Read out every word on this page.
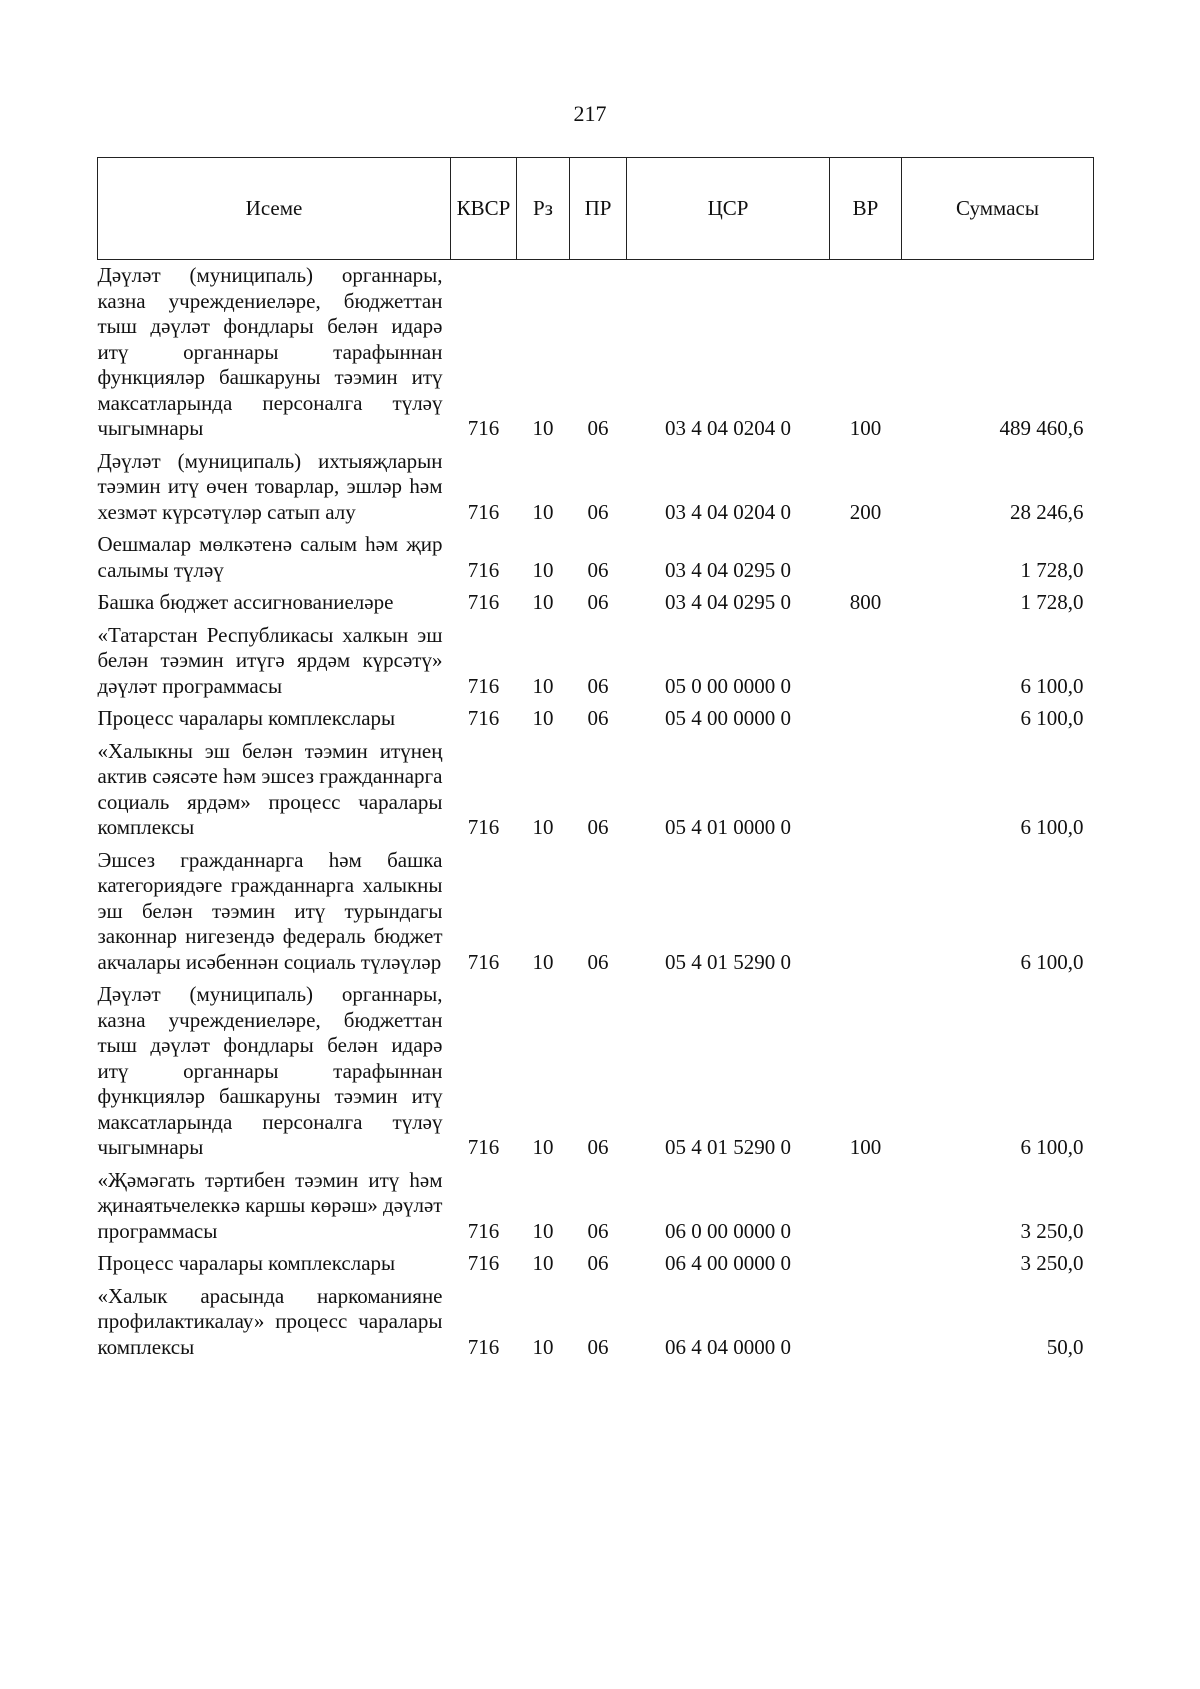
217
Исеме	КВСР	Рз	ПР	ЦСР	ВР	Суммасы
Дәүләт (муниципаль) органнары, казна учреждениеләре, бюджеттан тыш дәүләт фондлары белән идарә итү органнары тарафыннан функцияләр башкаруны тәэмин итү максатларында персоналга түләү чыгымнары	716	10	06	03 4 04 0204 0	100	489 460,6
Дәүләт (муниципаль) ихтыяҗларын тәэмин итү өчен товарлар, эшләр һәм хезмәт күрсәтүләр сатып алу	716	10	06	03 4 04 0204 0	200	28 246,6
Оешмалар мөлкәтенә салым һәм җир салымы түләү	716	10	06	03 4 04 0295 0		1 728,0
Башка бюджет ассигнованиеләре	716	10	06	03 4 04 0295 0	800	1 728,0
«Татарстан Республикасы халкын эш белән тәэмин итүгә ярдәм күрсәтү» дәүләт программасы	716	10	06	05 0 00 0000 0		6 100,0
Процесс чаралары комплекслары	716	10	06	05 4 00 0000 0		6 100,0
«Халыкны эш белән тәэмин итүнең актив сәясәте һәм эшсез гражданнарга социаль ярдәм» процесс чаралары комплексы	716	10	06	05 4 01 0000 0		6 100,0
Эшсез гражданнарга һәм башка категориядәге гражданнарга халыкны эш белән тәэмин итү турындагы законнар нигезендә федераль бюджет акчалары исәбеннән социаль түләүләр	716	10	06	05 4 01 5290 0		6 100,0
Дәүләт (муниципаль) органнары, казна учреждениеләре, бюджеттан тыш дәүләт фондлары белән идарә итү органнары тарафыннан функцияләр башкаруны тәэмин итү максатларында персоналга түләү чыгымнары	716	10	06	05 4 01 5290 0	100	6 100,0
«Җәмәгать тәртибен тәэмин итү һәм җинаятьчелеккә каршы көрәш» дәүләт программасы	716	10	06	06 0 00 0000 0		3 250,0
Процесс чаралары комплекслары	716	10	06	06 4 00 0000 0		3 250,0
«Халык арасында наркоманияне профилактикалау» процесс чаралары комплексы	716	10	06	06 4 04 0000 0		50,0
